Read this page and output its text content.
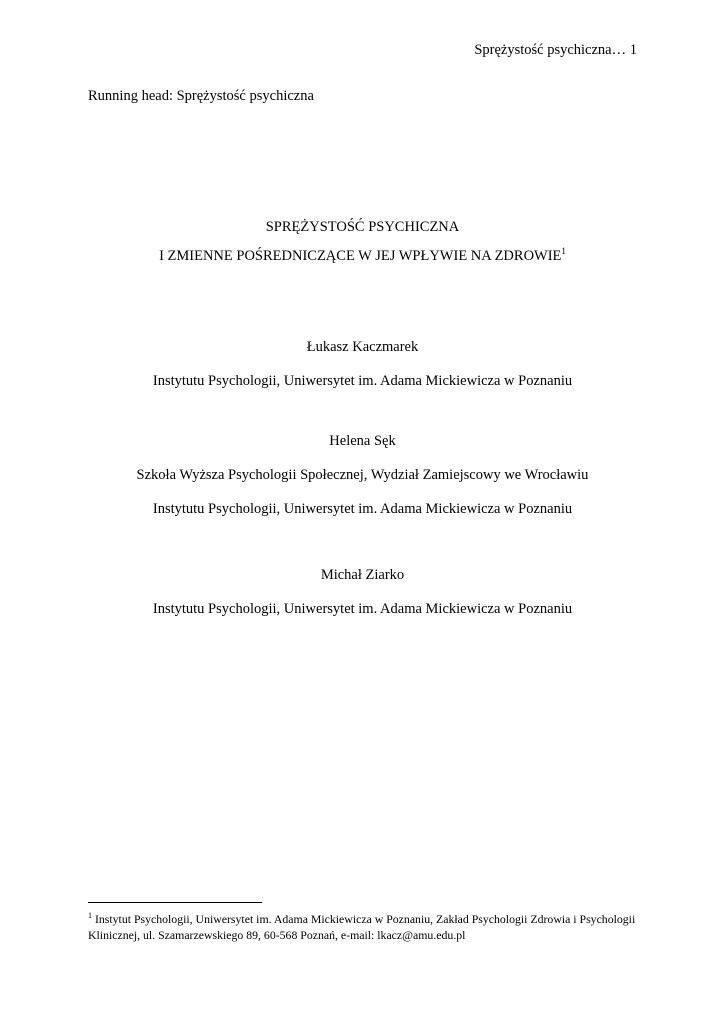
Sprężystość psychiczna… 1
Running head: Sprężystość psychiczna
SPRĘŻYSTOŚĆ PSYCHICZNA
I ZMIENNE POŚREDNICZĄCE W JEJ WPŁYWIE NA ZDROWIE$^1$
Łukasz Kaczmarek
Instytutu Psychologii, Uniwersytet im. Adama Mickiewicza w Poznaniu
Helena Sęk
Szkoła Wyższa Psychologii Społecznej, Wydział Zamiejscowy we Wrocławiu
Instytutu Psychologii, Uniwersytet im. Adama Mickiewicza w Poznaniu
Michał Ziarko
Instytutu Psychologii, Uniwersytet im. Adama Mickiewicza w Poznaniu
$^1$ Instytut Psychologii, Uniwersytet im. Adama Mickiewicza w Poznaniu, Zakład Psychologii Zdrowia i Psychologii Klinicznej, ul. Szamarzewskiego 89, 60-568 Poznań, e-mail: lkacz@amu.edu.pl
